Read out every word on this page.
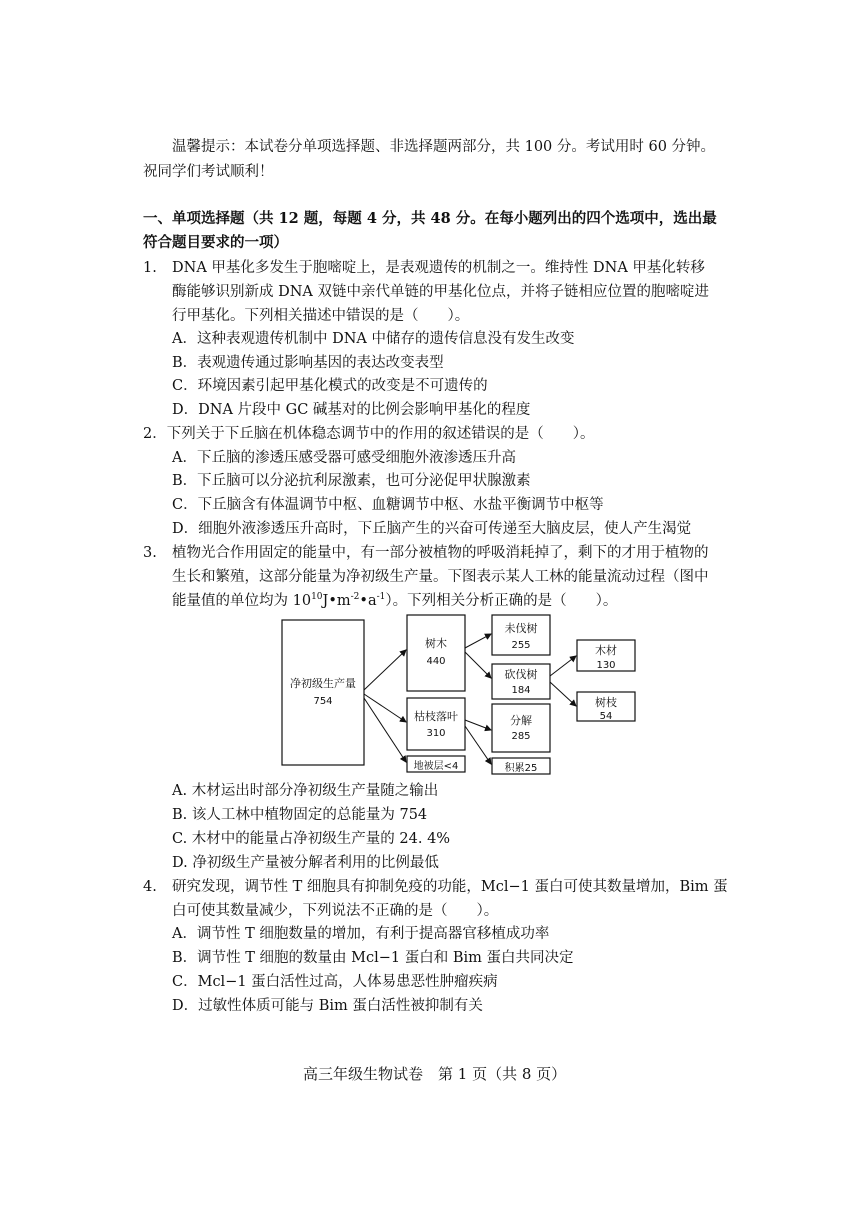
温馨提示：本试卷分单项选择题、非选择题两部分，共 100 分。考试用时 60 分钟。
祝同学们考试顺利！
一、单项选择题（共 12 题，每题 4 分，共 48 分。在每小题列出的四个选项中，选出最
符合题目要求的一项）
1. DNA 甲基化多发生于胞嘧啶上，是表观遗传的机制之一。维持性 DNA 甲基化转移
酶能够识别新成 DNA 双链中亲代单链的甲基化位点，并将子链相应位置的胞嘧啶进
行甲基化。下列相关描述中错误的是（　　）。
A．这种表观遗传机制中 DNA 中储存的遗传信息没有发生改变
B．表观遗传通过影响基因的表达改变表型
C．环境因素引起甲基化模式的改变是不可遗传的
D．DNA 片段中 GC 碱基对的比例会影响甲基化的程度
2．下列关于下丘脑在机体稳态调节中的作用的叙述错误的是（　　）。
A．下丘脑的渗透压感受器可感受细胞外液渗透压升高
B．下丘脑可以分泌抗利尿激素，也可分泌促甲状腺激素
C．下丘脑含有体温调节中枢、血糖调节中枢、水盐平衡调节中枢等
D．细胞外液渗透压升高时，下丘脑产生的兴奋可传递至大脑皮层，使人产生渴觉
3. 植物光合作用固定的能量中，有一部分被植物的呼吸消耗掉了，剩下的才用于植物的
生长和繁殖，这部分能量为净初级生产量。下图表示某人工林的能量流动过程（图中
能量值的单位均为 $10^{10}J•m^{-2}•a^{-1}$）。下列相关分析正确的是（　　）。
净初级生产量
754
树木
440
枯枝落叶
310
地被层<4
未伐树
255
砍伐树
184
分解
285
积累25
木材
130
树枝
54
A. 木材运出时部分净初级生产量随之输出
B. 该人工林中植物固定的总能量为 754
C. 木材中的能量占净初级生产量的 24. 4%
D. 净初级生产量被分解者利用的比例最低
4. 研究发现，调节性 T 细胞具有抑制免疫的功能，Mcl−1 蛋白可使其数量增加，Bim 蛋
白可使其数量减少，下列说法不正确的是（　　）。
A．调节性 T 细胞数量的增加，有利于提高器官移植成功率
B．调节性 T 细胞的数量由 Mcl−1 蛋白和 Bim 蛋白共同决定
C．Mcl−1 蛋白活性过高，人体易患恶性肿瘤疾病
D．过敏性体质可能与 Bim 蛋白活性被抑制有关
高三年级生物试卷　第 1 页（共 8 页）
